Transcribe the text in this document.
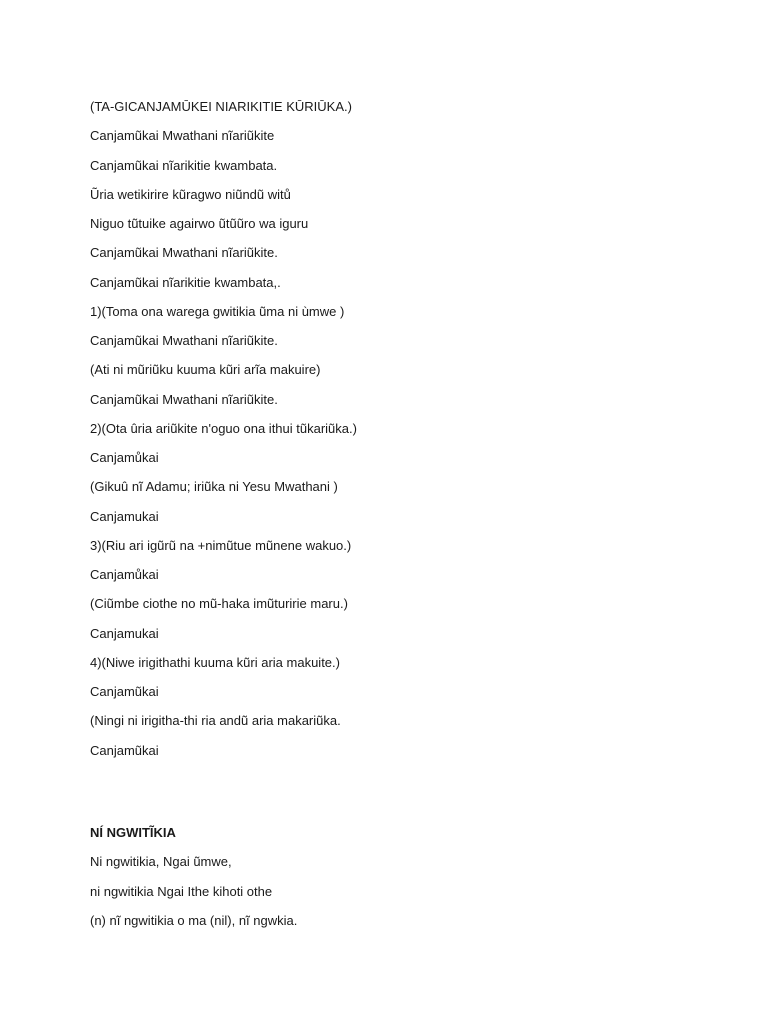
(TA-GICANJAMŪKEI NIARIKITIE KŪRIŪKA.)

Canjamũkai Mwathani nĩariũkite

Canjamũkai nĩarikitie kwambata.

Ũria wetikirire kũragwo niũndũ witů

Niguo tũtuike agairwo ũtũũro wa iguru

Canjamũkai Mwathani nĩariũkite.

Canjamũkai nĩarikitie kwambata,.

1)(Toma ona warega gwitikia ũma ni ùmwe )

Canjamũkai Mwathani nĩariũkite.

(Ati ni mũriũku kuuma kũri arĩa makuire)

Canjamũkai Mwathani nĩariũkite.

2)(Ota ûria ariũkite n'oguo ona ithui tũkariũka.)

Canjamůkai

(Gikuû nĩ Adamu; iriũka ni Yesu Mwathani )

Canjamukai

3)(Riu ari igũrũ na +nimũtue mũnene wakuo.)

Canjamůkai

(Ciũmbe ciothe no mũ-haka imũturirie maru.)

Canjamukai

4)(Niwe irigithathi kuuma kũri aria makuite.)

Canjamũkai

(Ningi ni irigitha-thi ria andũ aria makariũka.

Canjamũkai

NÍ NGWITĨKIA

Ni ngwitikia, Ngai ũmwe,

ni ngwitikia Ngai Ithe kihoti othe

(n) nĩ ngwitikia o ma (nil), nĩ ngwkia.
